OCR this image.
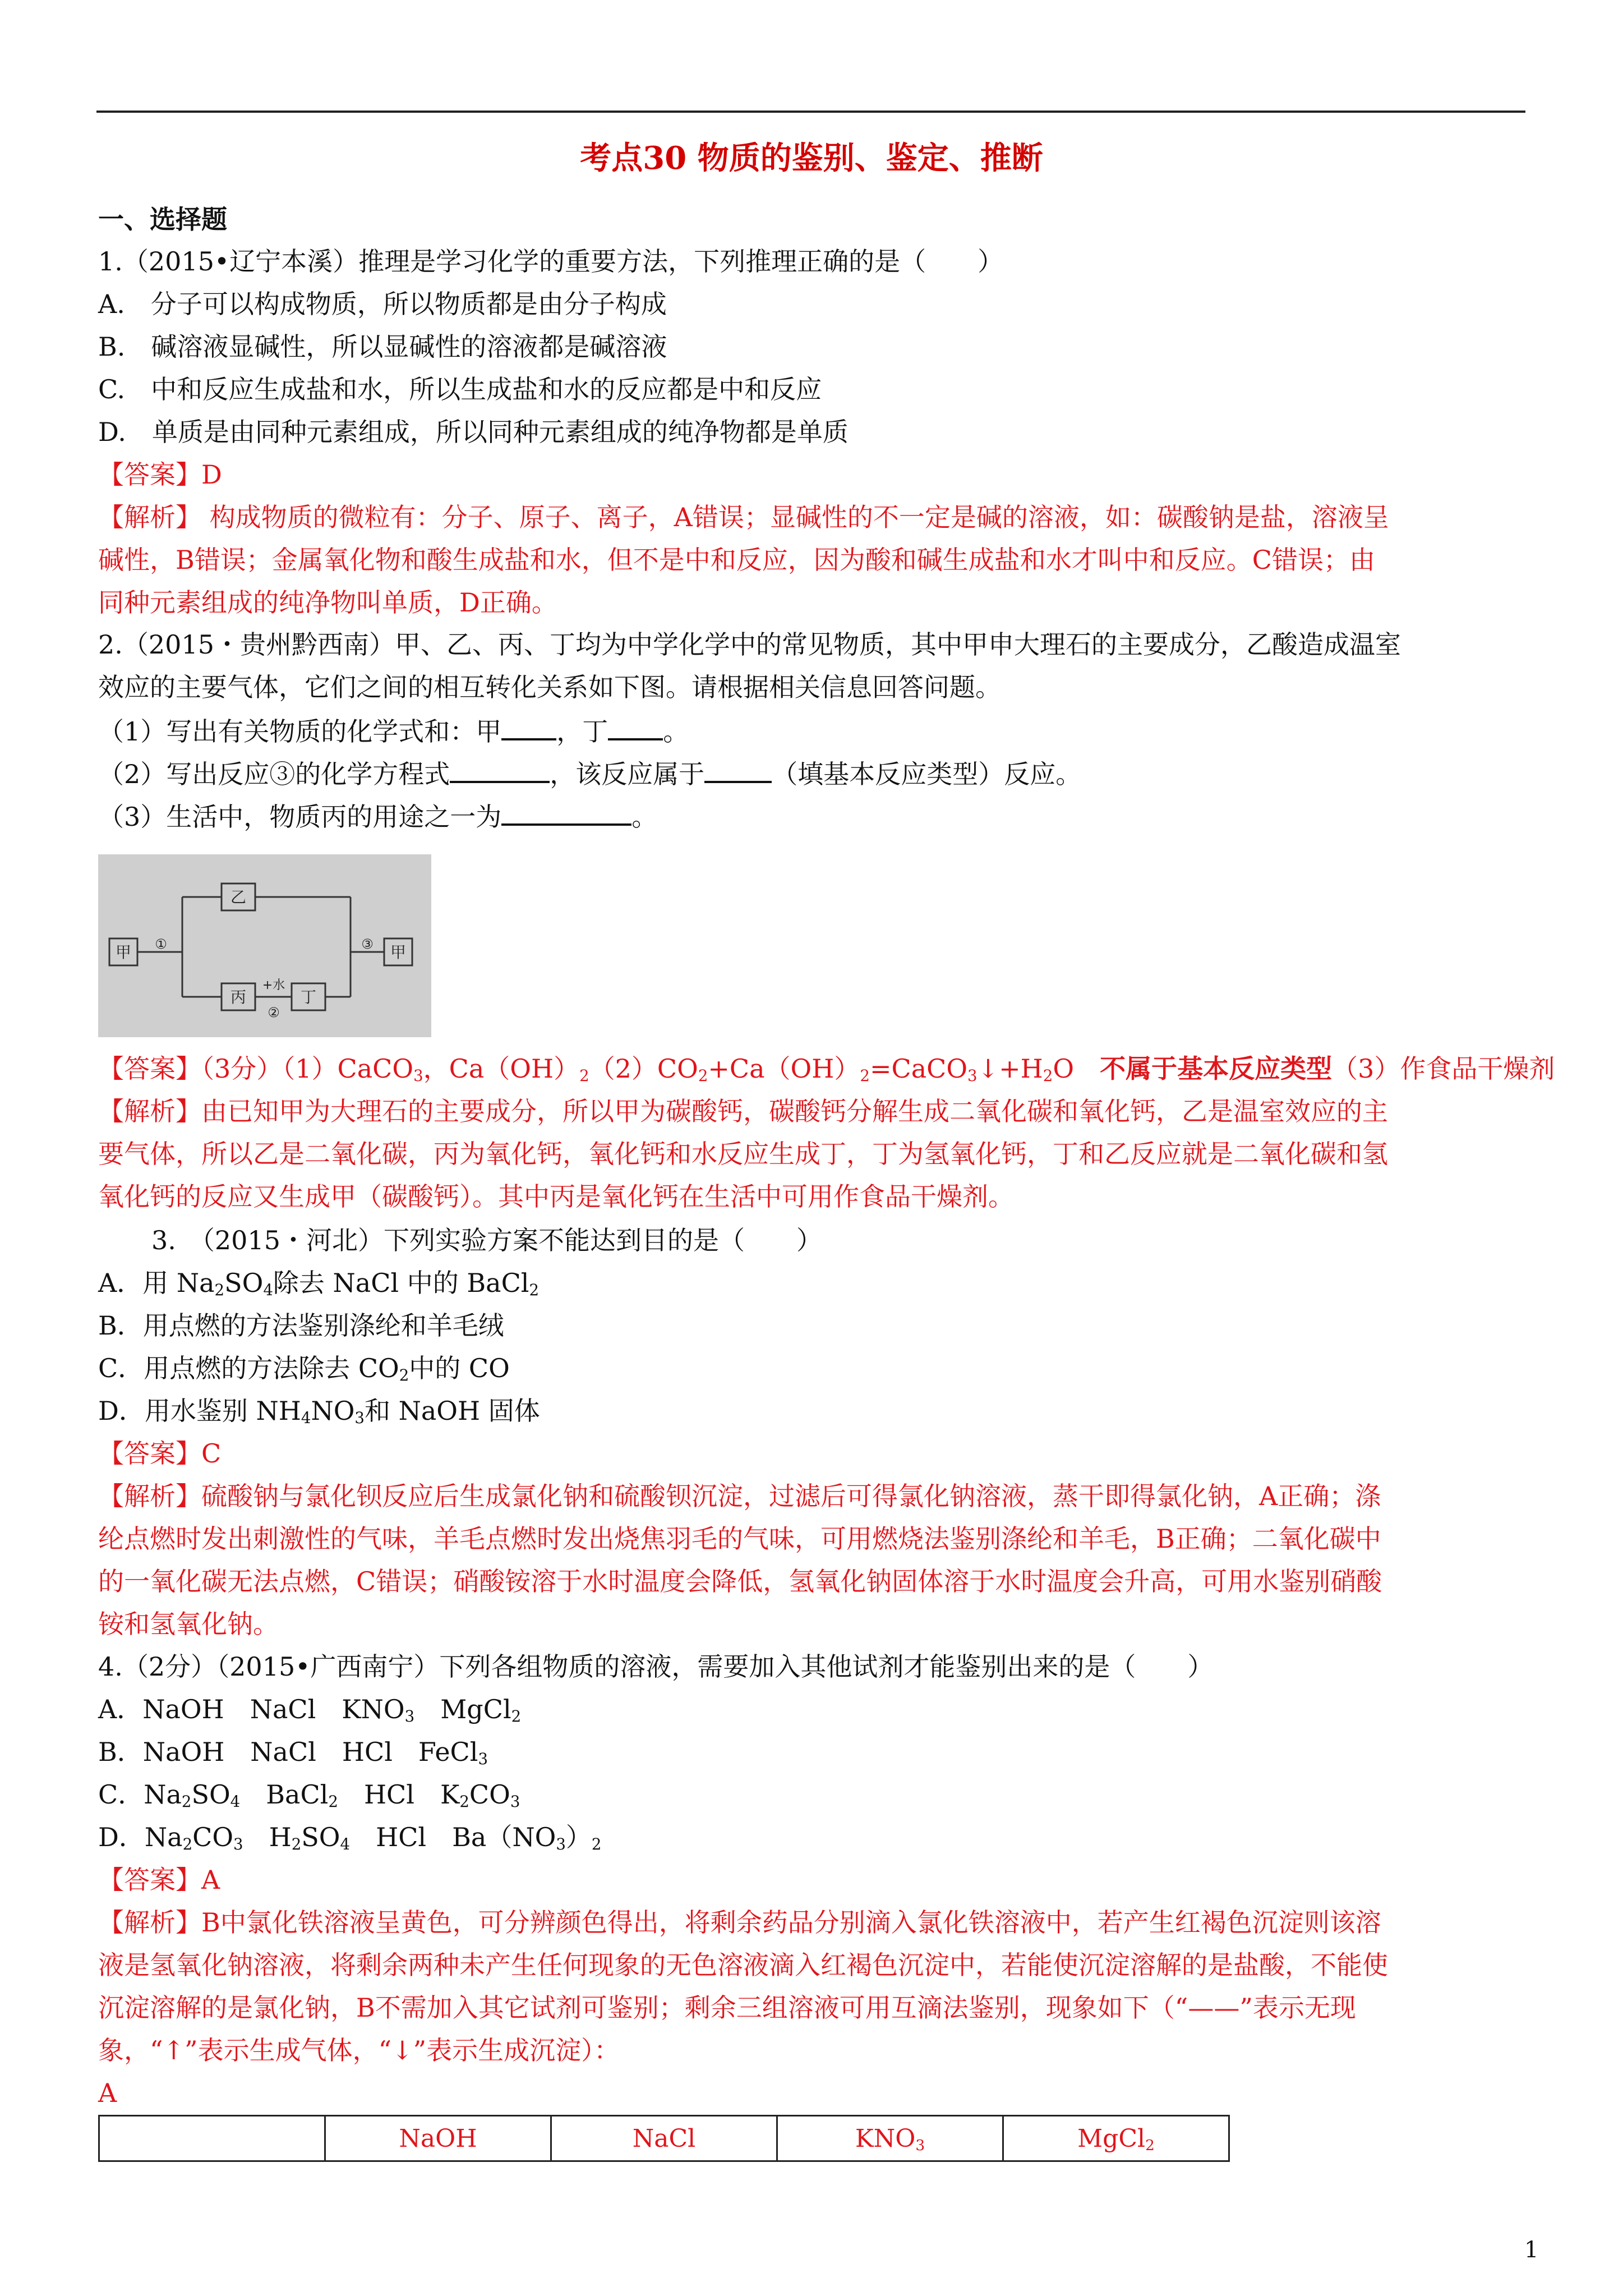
考点30 物质的鉴别、鉴定、推断
一、选择题
1.（2015•辽宁本溪）推理是学习化学的重要方法，下列推理正确的是（　　）
A.　分子可以构成物质，所以物质都是由分子构成
B.　碱溶液显碱性，所以显碱性的溶液都是碱溶液
C.　中和反应生成盐和水，所以生成盐和水的反应都是中和反应
D.　单质是由同种元素组成，所以同种元素组成的纯净物都是单质
【答案】D
【解析】 构成物质的微粒有：分子、原子、离子，A错误；显碱性的不一定是碱的溶液，如：碳酸钠是盐，溶液呈
碱性，B错误；金属氧化物和酸生成盐和水，但不是中和反应，因为酸和碱生成盐和水才叫中和反应。C错误；由
同种元素组成的纯净物叫单质，D正确。
2.（2015・贵州黔西南）甲、乙、丙、丁均为中学化学中的常见物质，其中甲申大理石的主要成分，乙酸造成温室
效应的主要气体，它们之间的相互转化关系如下图。请根据相关信息回答问题。
（1）写出有关物质的化学式和：甲 ，丁 。
（2）写出反应③的化学方程式	，该反应属于	（填基本反应类型）反应。
（3）生活中，物质丙的用途之一为	。
甲
乙
丙	丁
甲
①
+水
②
③
【答案】（3分）（1）CaCO$_3$，$Ca(OH)_2(2)CO_2+Ca(OH)_2=CaCO_3↓+H_2O$　不属于基本反应类型（3）作食品干燥剂
【解析】由已知甲为大理石的主要成分，所以甲为碳酸钙，碳酸钙分解生成二氧化碳和氧化钙，乙是温室效应的主
要气体，所以乙是二氧化碳，丙为氧化钙，氧化钙和水反应生成丁，丁为氢氧化钙，丁和乙反应就是二氧化碳和氢
氧化钙的反应又生成甲（碳酸钙）。其中丙是氧化钙在生活中可用作食品干燥剂。
3.　（2015・河北）下列实验方案不能达到目的是（　　）
A．用 $Na_2SO_4$除去 NaCl 中的 BaCl$_2$
B．用点燃的方法鉴别涤纶和羊毛绒
C．用点燃的方法除去 $CO_2$中的 CO
D．用水鉴别 $NH_4NO_3$和 NaOH 固体
【答案】C
【解析】硫酸钠与氯化钡反应后生成氯化钠和硫酸钡沉淀，过滤后可得氯化钠溶液，蒸干即得氯化钠，A正确；涤
纶点燃时发出刺激性的气味，羊毛点燃时发出烧焦羽毛的气味，可用燃烧法鉴别涤纶和羊毛，B正确；二氧化碳中
的一氧化碳无法点燃，C错误；硝酸铵溶于水时温度会降低，氢氧化钠固体溶于水时温度会升高，可用水鉴别硝酸
铵和氢氧化钠。
4.（2分）（2015•广西南宁）下列各组物质的溶液，需要加入其他试剂才能鉴别出来的是（　　）
A．NaOH　NaCl　$KNO_3$　MgCl$_2$
B．NaOH　NaCl　HCl　FeCl$_3$
C．$Na_2SO_4$　BaCl$_2$　HCl　$K_2CO_3$
D．$Na_2CO_3$　$H_2SO_4$　HCl　$Ba(NO_3)_2$
【答案】A
【解析】B中氯化铁溶液呈黄色，可分辨颜色得出，将剩余药品分别滴入氯化铁溶液中，若产生红褐色沉淀则该溶
液是氢氧化钠溶液，将剩余两种未产生任何现象的无色溶液滴入红褐色沉淀中，若能使沉淀溶解的是盐酸，不能使
沉淀溶解的是氯化钠，B不需加入其它试剂可鉴别；剩余三组溶液可用互滴法鉴别，现象如下（“——”表示无现
象，“↑”表示生成气体，“↓”表示生成沉淀）：
A
	NaOH	NaCl	$KNO_3$	MgCl$_2$
1
